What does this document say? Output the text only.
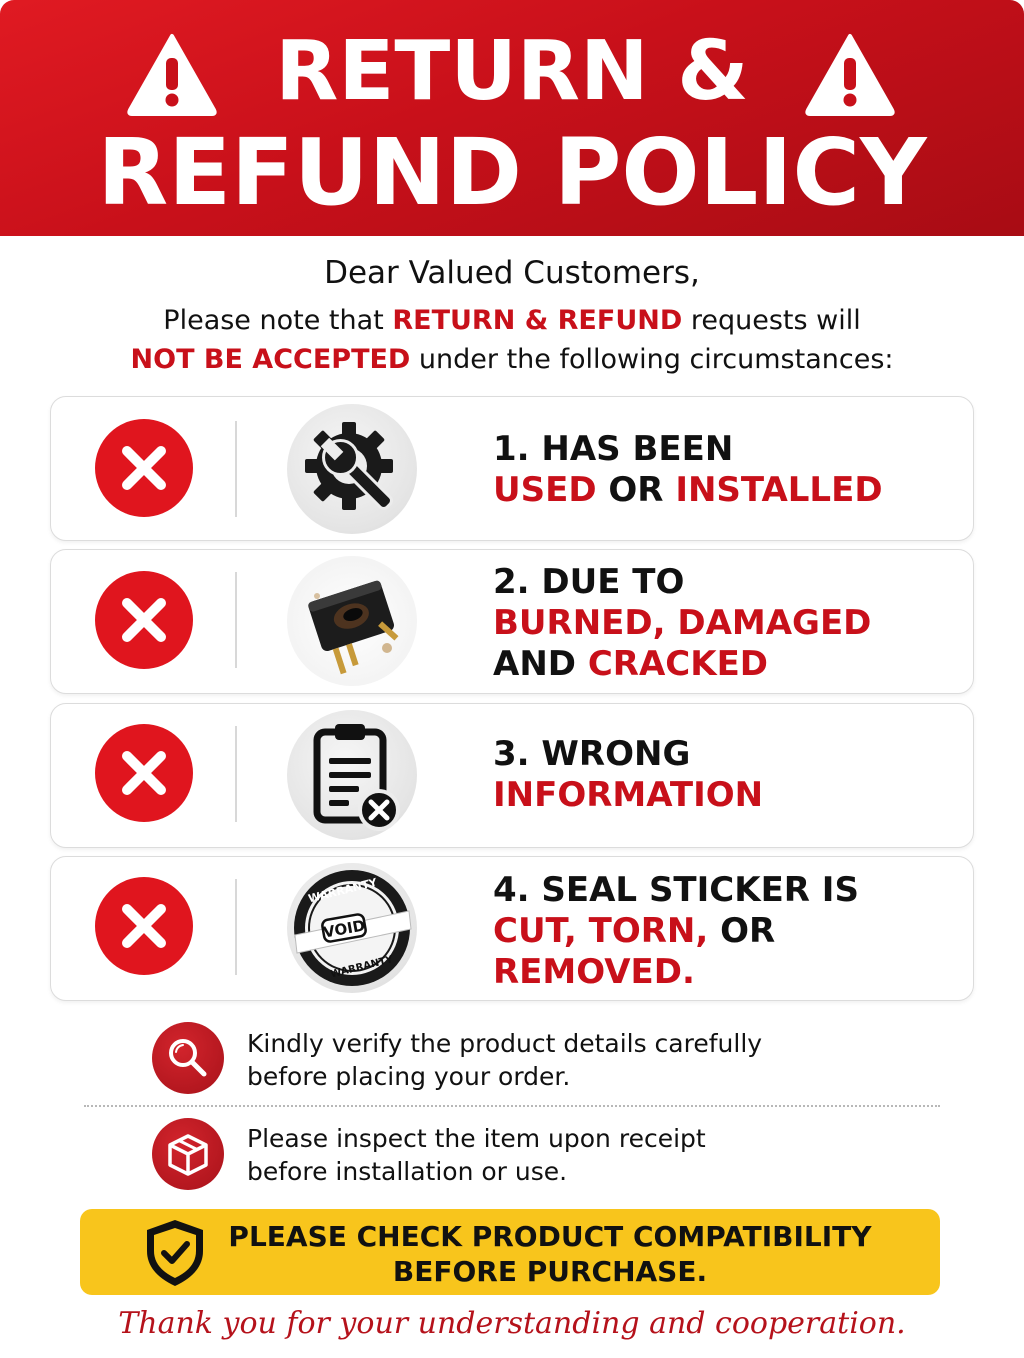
RETURN &
REFUND POLICY
Dear Valued Customers,
Please note that RETURN & REFUND requests will
NOT BE ACCEPTED under the following circumstances:
1. HAS BEEN
USED OR INSTALLED
2. DUE TO
BURNED, DAMAGED
AND CRACKED
3. WRONG
INFORMATION
VOID
WARRANTY
WARRANTY
4. SEAL STICKER IS
CUT, TORN, OR
REMOVED.
Kindly verify the product details carefully
before placing your order.
Please inspect the item upon receipt
before installation or use.
PLEASE CHECK PRODUCT COMPATIBILITY
BEFORE PURCHASE.
Thank you for your understanding and cooperation.
